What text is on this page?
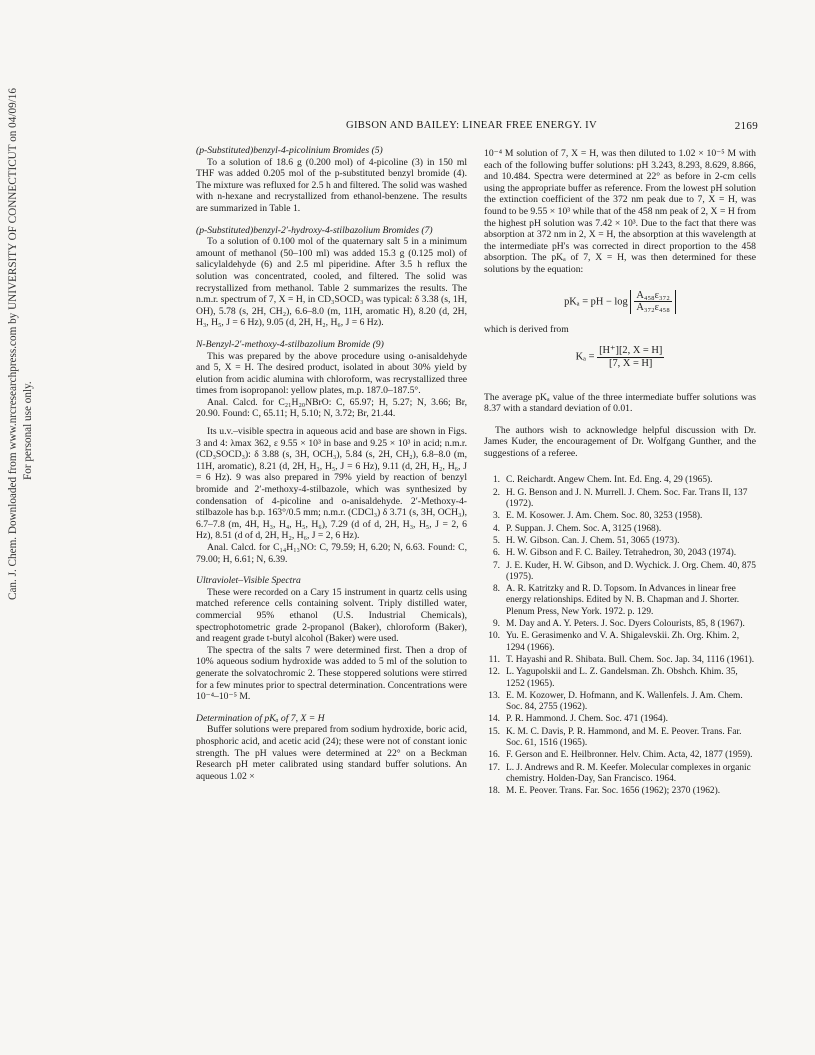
Can. J. Chem. Downloaded from www.nrcresearchpress.com by UNIVERSITY OF CONNECTICUT on 04/09/16 For personal use only.
GIBSON AND BAILEY: LINEAR FREE ENERGY. IV	2169
(p-Substituted)benzyl-4-picolinium Bromides (5)

To a solution of 18.6 g (0.200 mol) of 4-picoline (3) in 150 ml THF was added 0.205 mol of the p-substituted benzyl bromide (4). The mixture was refluxed for 2.5 h and filtered. The solid was washed with n-hexane and recrystallized from ethanol-benzene. The results are summarized in Table 1.

(p-Substituted)benzyl-2′-hydroxy-4-stilbazolium Bromides (7)

To a solution of 0.100 mol of the quaternary salt 5 in a minimum amount of methanol (50–100 ml) was added 15.3 g (0.125 mol) of salicylaldehyde (6) and 2.5 ml piperidine. After 3.5 h reflux the solution was concentrated, cooled, and filtered. The solid was recrystallized from methanol. Table 2 summarizes the results. The n.m.r. spectrum of 7, X = H, in CD₃SOCD₃ was typical: δ 3.38 (s, 1H, OH), 5.78 (s, 2H, CH₂), 6.6–8.0 (m, 11H, aromatic H), 8.20 (d, 2H, H₃, H₅, J = 6 Hz), 9.05 (d, 2H, H₂, H₆, J = 6 Hz).

N-Benzyl-2′-methoxy-4-stilbazolium Bromide (9)

This was prepared by the above procedure using o-anisaldehyde and 5, X = H. The desired product, isolated in about 30% yield by elution from acidic alumina with chloroform, was recrystallized three times from isopropanol: yellow plates, m.p. 187.0–187.5°.

Anal. Calcd. for C₂₁H₂₀NBrO: C, 65.97; H, 5.27; N, 3.66; Br, 20.90. Found: C, 65.11; H, 5.10; N, 3.72; Br, 21.44.

Its u.v.–visible spectra in aqueous acid and base are shown in Figs. 3 and 4: λmax 362, ε 9.55 × 10³ in base and 9.25 × 10³ in acid; n.m.r. (CD₃SOCD₃): δ 3.88 (s, 3H, OCH₃), 5.84 (s, 2H, CH₂), 6.8–8.0 (m, 11H, aromatic), 8.21 (d, 2H, H₃, H₅, J = 6 Hz), 9.11 (d, 2H, H₂, H₆, J = 6 Hz). 9 was also prepared in 79% yield by reaction of benzyl bromide and 2′-methoxy-4-stilbazole, which was synthesized by condensation of 4-picoline and o-anisaldehyde. 2′-Methoxy-4-stilbazole has b.p. 163°/0.5 mm; n.m.r. (CDCl₃) δ 3.71 (s, 3H, OCH₃), 6.7–7.8 (m, 4H, H₃, H₄, H₅, H₆), 7.29 (d of d, 2H, H₃, H₅, J = 2, 6 Hz), 8.51 (d of d, 2H, H₂, H₆, J = 2, 6 Hz).

Anal. Calcd. for C₁₄H₁₃NO: C, 79.59; H, 6.20; N, 6.63. Found: C, 79.00; H, 6.61; N, 6.39.

Ultraviolet–Visible Spectra

These were recorded on a Cary 15 instrument in quartz cells using matched reference cells containing solvent. Triply distilled water, commercial 95% ethanol (U.S. Industrial Chemicals), spectrophotometric grade 2-propanol (Baker), chloroform (Baker), and reagent grade t-butyl alcohol (Baker) were used.

The spectra of the salts 7 were determined first. Then a drop of 10% aqueous sodium hydroxide was added to 5 ml of the solution to generate the solvatochromic 2. These stoppered solutions were stirred for a few minutes prior to spectral determination. Concentrations were 10⁻⁴–10⁻⁵ M.

Determination of pKₐ of 7, X = H

Buffer solutions were prepared from sodium hydroxide, boric acid, phosphoric acid, and acetic acid (24); these were not of constant ionic strength. The pH values were determined at 22° on a Beckman Research pH meter calibrated using standard buffer solutions. An aqueous 1.02 ×

10⁻⁴ M solution of 7, X = H, was then diluted to 1.02 × 10⁻⁵ M with each of the following buffer solutions: pH 3.243, 8.293, 8.629, 8.866, and 10.484. Spectra were determined at 22° as before in 2-cm cells using the appropriate buffer as reference. From the lowest pH solution the extinction coefficient of the 372 nm peak due to 7, X = H, was found to be 9.55 × 10³ while that of the 458 nm peak of 2, X = H from the highest pH solution was 7.42 × 10³. Due to the fact that there was absorption at 372 nm in 2, X = H, the absorption at this wavelength at the intermediate pH's was corrected in direct proportion to the 458 absorption. The pKₐ of 7, X = H, was then determined for these solutions by the equation:

pKₐ = pH − $\log \frac{\text{A₄₅₈ε₃₇₂}}{\text{A₃₇₂ε₄₅₈}}$

which is derived from

$K_a = \frac{[H^+][2, X = H]}{[7, X = H]}$

The average pKₐ value of the three intermediate buffer solutions was 8.37 with a standard deviation of 0.01.

The authors wish to acknowledge helpful discussion with Dr. James Kuder, the encouragement of Dr. Wolfgang Gunther, and the suggestions of a referee.

1. C. Reichardt. Angew Chem. Int. Ed. Eng. 4, 29 (1965).
2. H. G. Benson and J. N. Murrell. J. Chem. Soc. Far. Trans II, 137 (1972).
3. E. M. Kosower. J. Am. Chem. Soc. 80, 3253 (1958).
4. P. Suppan. J. Chem. Soc. A, 3125 (1968).
5. H. W. Gibson. Can. J. Chem. 51, 3065 (1973).
6. H. W. Gibson and F. C. Bailey. Tetrahedron, 30, 2043 (1974).
7. J. E. Kuder, H. W. Gibson, and D. Wychick. J. Org. Chem. 40, 875 (1975).
8. A. R. Katritzky and R. D. Topsom. In Advances in linear free energy relationships. Edited by N. B. Chapman and J. Shorter. Plenum Press, New York. 1972. p. 129.
9. M. Day and A. Y. Peters. J. Soc. Dyers Colourists, 85, 8 (1967).
10. Yu. E. Gerasimenko and V. A. Shigalevskii. Zh. Org. Khim. 2, 1294 (1966).
11. T. Hayashi and R. Shibata. Bull. Chem. Soc. Jap. 34, 1116 (1961).
12. L. Yagupolskii and L. Z. Gandelsman. Zh. Obshch. Khim. 35, 1252 (1965).
13. E. M. Kozower, D. Hofmann, and K. Wallenfels. J. Am. Chem. Soc. 84, 2755 (1962).
14. P. R. Hammond. J. Chem. Soc. 471 (1964).
15. K. M. C. Davis, P. R. Hammond, and M. E. Peover. Trans. Far. Soc. 61, 1516 (1965).
16. F. Gerson and E. Heilbronner. Helv. Chim. Acta, 42, 1877 (1959).
17. L. J. Andrews and R. M. Keefer. Molecular complexes in organic chemistry. Holden-Day, San Francisco. 1964.
18. M. E. Peover. Trans. Far. Soc. 1656 (1962); 2370 (1962).
